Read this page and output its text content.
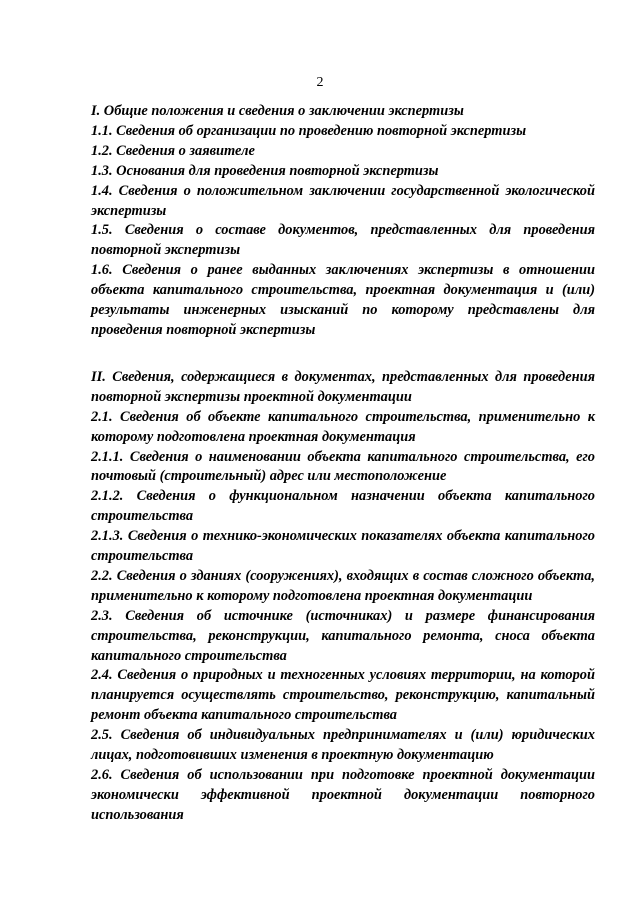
2

I. Общие положения и сведения о заключении экспертизы

1.1. Сведения об организации по проведению повторной экспертизы

1.2. Сведения о заявителе

1.3. Основания для проведения повторной экспертизы

1.4. Сведения о положительном заключении государственной экологической экспертизы

1.5. Сведения о составе документов, представленных для проведения повторной экспертизы

1.6. Сведения о ранее выданных заключениях экспертизы в отношении объекта капитального строительства, проектная документация и (или) результаты инженерных изысканий по которому представлены для проведения повторной экспертизы

II. Сведения, содержащиеся в документах, представленных для проведения повторной экспертизы проектной документации

2.1. Сведения об объекте капитального строительства, применительно к которому подготовлена проектная документация

2.1.1. Сведения о наименовании объекта капитального строительства, его почтовый (строительный) адрес или местоположение

2.1.2. Сведения о функциональном назначении объекта капитального строительства

2.1.3. Сведения о технико-экономических показателях объекта капитального строительства

2.2. Сведения о зданиях (сооружениях), входящих в состав сложного объекта, применительно к которому подготовлена проектная документации

2.3. Сведения об источнике (источниках) и размере финансирования строительства, реконструкции, капитального ремонта, сноса объекта капитального строительства

2.4. Сведения о природных и техногенных условиях территории, на которой планируется осуществлять строительство, реконструкцию, капитальный ремонт объекта капитального строительства

2.5. Сведения об индивидуальных предпринимателях и (или) юридических лицах, подготовивших изменения в проектную документацию

2.6. Сведения об использовании при подготовке проектной документации экономически эффективной проектной документации повторного использования
